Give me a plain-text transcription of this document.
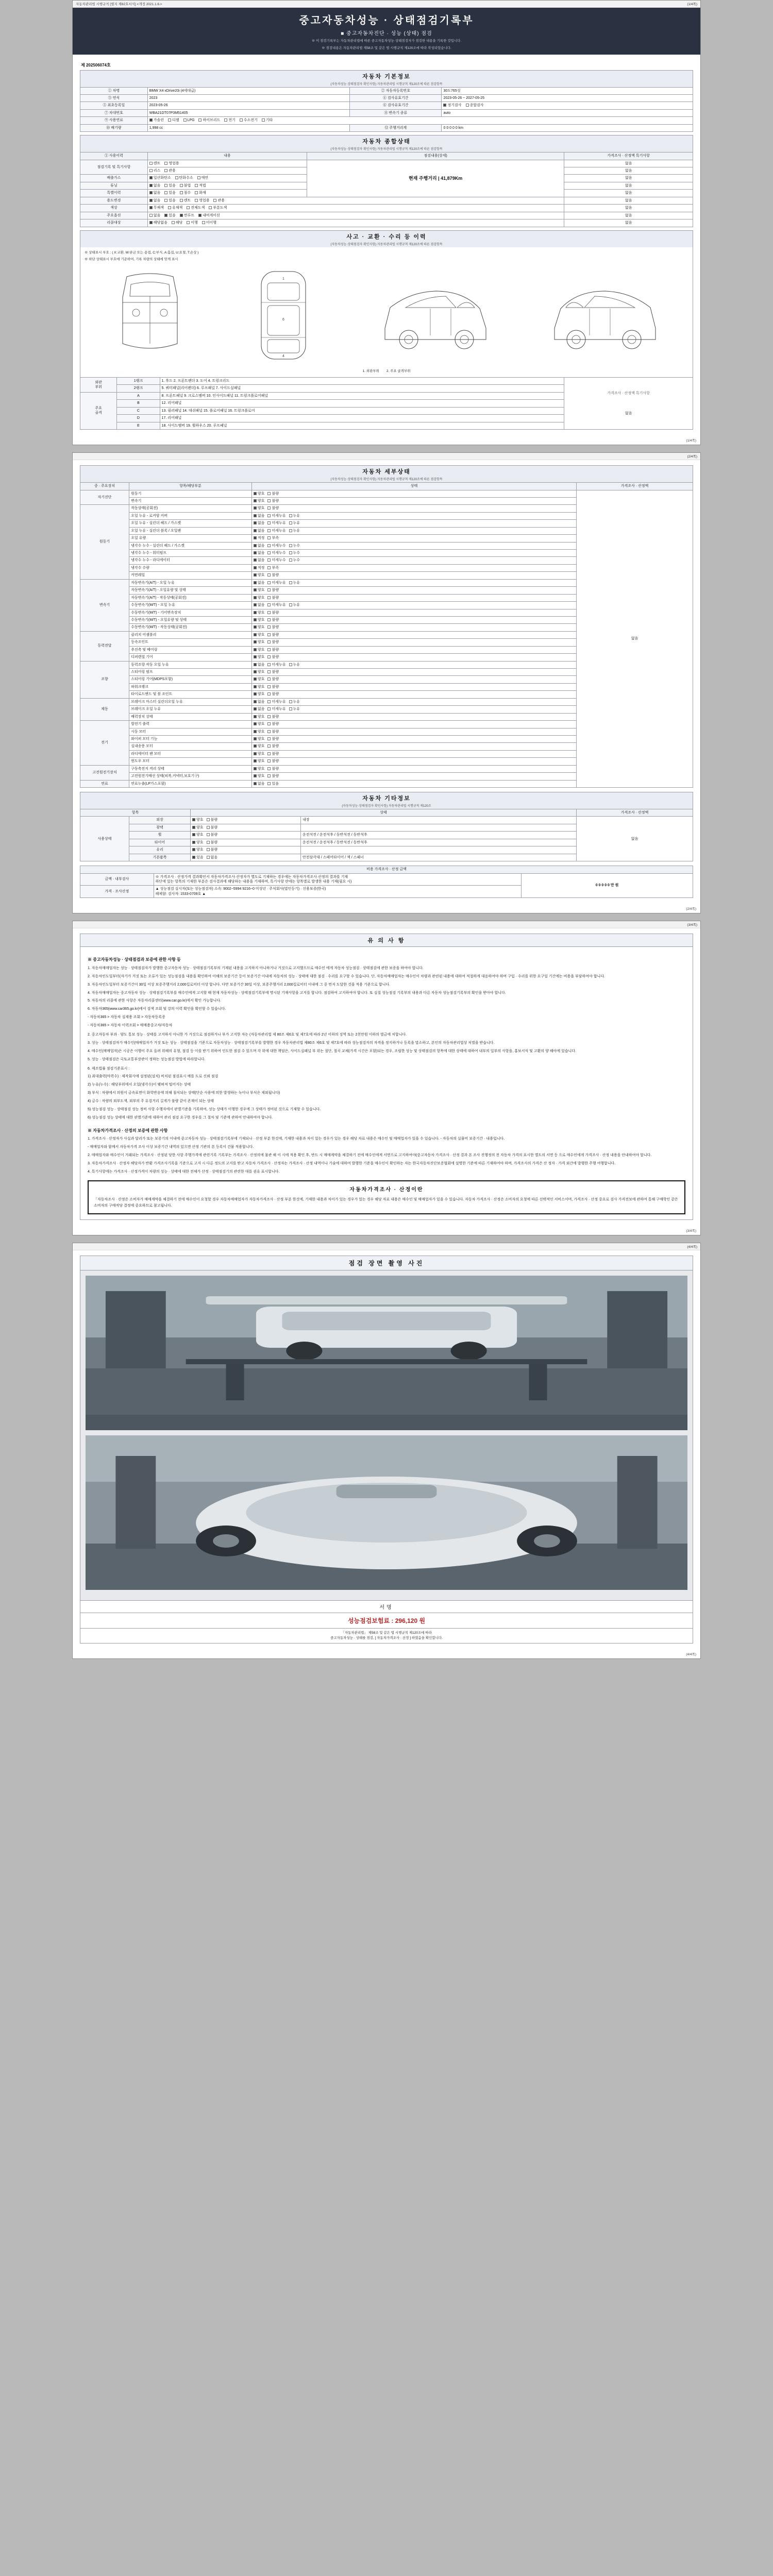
자동차관리법 시행규칙 [별지 제82호서식] <개정 2021.1.6.>	(1/4쪽)
중고자동차성능 · 상태점검기록부
■ 중고자동차진단 · 성능 (상태) 점검
※ 이 점검기록부는 자동차관리법에 따른 중고자동차성능·상태점검자가 점검한 내용을 기록한 것입니다.
※ 점검내용은 자동차관리법 제58조 및 같은 법 시행규칙 제120조에 따라 작성되었습니다.
제 202506074호
자동차 기본정보
(자동차성능·상태점검자 확인사항) 자동차관리법 시행규칙 제120조에 따른 점검항목
① 차명	BMW X4 xDrive20i (4세대급)	② 자동차등록번호	30도765성
③ 연식	2023	④ 검사유효기간	2023-05-26 ~ 2027-05-25
⑤ 최초등록일	2023-05-26	⑥ 검사유효기간	정기검사 종합검사
⑦ 차대번호	WBA21DT07P3M51405	⑧ 변속기 종류	auto
⑨ 사용연료	가솔린 디젤 LPG 하이브리드 전기 수소전기 기타		
⑩ 배기량	1,998 cc	⑫ 주행거리계	0 0 0 0 0 km
자동차 종합상태
(자동차성능·상태점검자 확인사항) 자동차관리법 시행규칙 제120조에 따른 점검항목
① 사용이력	내용	점검내용(상세)	가격조사 · 산정액 특기사항
점검기록 및 특기사항	렌트 영업용	현재 주행거리 | 41,879Km	없음
	리스 관용		없음
배출가스	일산화탄소 탄화수소 매연		없음
튜닝	없음 있음 불법 적법		없음
특별이력	없음 있음 침수 화재		없음
용도변경	없음 있음 렌트 영업용 관용		없음
색상	무채색 유채색 전체도색 부분도색		없음
주요옵션	없음 있음 썬루프 내비게이션		없음
리콜대상	해당없음 해당 이행 미이행		없음
사고 · 교환 · 수리 등 이력
(자동차성능·상태점검자 확인사항) 자동차관리법 시행규칙 제120조에 따른 점검항목
※ 상태표시 부호 : ( X:교환, W:판금 또는 용접, C:부식, A:흠집, U:요철, T:손상 )
※ 하단 상태표시 부호에 기준하여, 기록 차량의 상태에 맞게 표시
1
6
4
1. 외판부위 2. 주요 골격부위
외판
부위	1랭크	1. 후드 2. 프론트펜더 3. 도어 4. 트렁크리드	
가격조사 · 산정액 특기사항
없음

	2랭크	5. 쿼터패널(리어펜더) 6. 루프패널 7. 사이드실패널	
주요
골격	A	8. 프론트패널 9. 크로스멤버 10. 인사이드패널 11. 트렁크플로어패널	
	B	12. 리어패널	
	C	13. 필러패널 14. 대쉬패널 15. 플로어패널 16. 트렁크플로어	
	D	17. 리어패널	
	E	18. 사이드멤버 19. 휠하우스 20. 루프패널	
(1/4쪽)

(2/4쪽)
자동차 세부상태
(자동차성능·상태점검자 확인사항) 자동차관리법 시행규칙 제120조에 따른 점검항목
중 · 주요장치	항목/해당부분	상태	가격조사 · 산정액
자기진단	원동기	양호 불량	없음
	변속기	양호 불량	
원동기	작동상태(공회전)	양호 불량	
	오일 누유 - 로커암 커버	없음 미세누유 누유	
	오일 누유 - 실린더 헤드 / 가스켓	없음 미세누유 누유	
	오일 누유 - 실린더 블록 / 오일팬	없음 미세누유 누유	
	오일 유량	적정 부족	
	냉각수 누수 - 실린더 헤드 / 가스켓	없음 미세누수 누수	
	냉각수 누수 - 워터펌프	없음 미세누수 누수	
	냉각수 누수 - 라디에이터	없음 미세누수 누수	
	냉각수 수량	적정 부족	
	커먼레일	양호 불량	
변속기	자동변속기(A/T) - 오일 누유	없음 미세누유 누유	
	자동변속기(A/T) - 오일유량 및 상태	양호 불량	
	자동변속기(A/T) - 작동상태(공회전)	양호 불량	
	수동변속기(M/T) - 오일 누유	없음 미세누유 누유	
	수동변속기(M/T) - 기어변속장치	양호 불량	
	수동변속기(M/T) - 오일유량 및 상태	양호 불량	
	수동변속기(M/T) - 작동상태(공회전)	양호 불량	
동력전달	클러치 어셈블리	양호 불량	
	등속조인트	양호 불량	
	추진축 및 베어링	양호 불량	
	디퍼렌셜 기어	양호 불량	
조향	동력조향 작동 오일 누유	없음 미세누유 누유	
	스티어링 펌프	양호 불량	
	스티어링 기어(MDPS포함)	양호 불량	
	파워크랭크	양호 불량	
	타이로드엔드 및 볼 조인트	양호 불량	
제동	브레이크 마스터 실린더오일 누유	없음 미세누유 누유	
	브레이크 오일 누유	없음 미세누유 누유	
	배력장치 상태	양호 불량	
전기	발전기 출력	양호 불량	
	시동 모터	양호 불량	
	와이퍼 모터 기능	양호 불량	
	실내송풍 모터	양호 불량	
	라디에이터 팬 모터	양호 불량	
	윈도우 모터	양호 불량	
고전원전기장치	구동축전지 격리 상태	양호 불량	
	고전원전기배선 상태(피복,커넥터,보호기구)	양호 불량	
연료	연료누출(LP가스포함)	없음 있음	
자동차 기타정보
(자동차성능·상태점검자 확인사항) 자동차관리법 시행규칙 제120조
항목		상태		가격조사 · 산정액
사용상태	외장	양호 불량	내장	없음
	광택	양호 불량		
	휠	양호 불량	운전석전 / 운전석후 / 동반석전 / 동반석후	
	타이어	양호 불량	운전석전 / 운전석후 / 동반석전 / 동반석후	
	유리	양호 불량		
	기본품목	있음 없음	안전삼각대 / 스페어타이어 / 잭 / 스패너	
비용 가격조사 · 산정 금액		
금액 · 내부검사	※ 가격조사 · 산정가격 결과확인서 자동차가격조사·산정자가 별도로 기재하는 경우에는 자동차가격조사·산정의 결과를 기재
하단에 있는 항목의 기재한 부분은 검사결과에 해당하는 내용을 기재하며, 특기사항 란에는 항목별로 발생한 내용 기재(필요 시)	0 0 0 0 0 만 원
가격 · 조사산정	▲ 성능점검 실시자(또는 성능점검자) 소속: 9002~5994 9216~0 미성년 · 주식회사(법인등기) · 신용보증(한국)
해제함: 검사자: 1533-0709호 ▲	
(2/4쪽)

(3/4쪽)
유 의 사 항
※ 중고자동차성능 · 상태점검과 보증에 관한 사항 등

1. 자동차매매업자는 성능 · 상태점검자가 발행한 중고자동차 성능 · 상태점검기록부의 기재된 내용을 고지하지 아니하거나 거짓으로 고지했으므로 매수인 에게 자동차 성능점검 · 상태점검에 관한 보증을 하여야 합니다.

2. 자동차인도일부터(자기가 거짓 또는 오류가 있는 성능점검을 내용을 확인하여 이해의 보증기간 등이 보증기간 이내에 자동차의 성능 · 상태에 대한 점검 · 수리를 요구할 수 있습니다. 단, 자동차매매업자는 매수인이 차량과 관련된 내용에 대하여 적절하게 대응하여야 하며 구입 · 수리를 위한 요구일 기간에는 비용을 부담하여야 합니다.

3. 자동차인도일부터 보증기간이 30일 이상 보증주행거리 2,000킬로미터 이상 합니다. 다만 보증기간 30일 이상, 보증주행거리 2,000킬로미터 이내에 그 중 먼저 도달한 것을 적용 기준으로 합니다.

4. 자동차매매업자는 중고자동차 성능 · 상태점검기록부를 매수인에게 고지할 때 현재 자동차성능 · 상태점검기록부에 명시된 기재사항을 고지를 합니다. 점검하여 고지하여야 합니다. 또 실질 성능점검 기록부의 내용과 다른 자동차 성능점검기록부의 확인을 받아야 합니다.

5. 자동차의 리콜에 관한 사항은 자동차리콜센터(www.car.go.kr)에서 확인 가능합니다.

6. 자동차365(www.car365.go.kr)에서 검색 조회 및 강의 이력 확인을 확인할 수 있습니다.

- 자동차365 > 자동차 실제용 조회 > 자동차등록증

- 자동차365 > 자동차 이력조회 > 매매용중고차/자동차

2. 중고자동차 부과 · 양도 통보 성능 · 상태를 고지하지 아니한 가 거짓으로 점검하거나 부가 고지한 자는 (자동차관리법 제 80조 제6호 및 제7호에 따라 2년 이하의 징역 또는 2천만원 이하의 벌금에 처합니다.

3. 성능 · 상태점검자가 매수인(매매업자가 거짓 또는 성능 · 상태점검을 기준으로 자동차성능 · 상태점검기록부를 발행한 경우 자동차관리법 제80조 제6호 및 제7호에 따라 성능점검자의 자격을 정지하거나 등록을 말소하고, 본인의 자동차관리법상 처벌을 받습니다.

4. 매수인(매매업자)은 시공은 이행이 주요 올려 위해의 유형, 점검 등 이를 받기 위하여 인도한 점검 수 있으며 각 위에 대한 책임은, 사이드실패널 부 위는 절단, 절곡 교체(가격 시간은 포함)되는 경우, 조립한 성능 및 상태점검의 항목에 대한 상태에 대하여 내부의 일부의 사항을, 홍보서식 및 고환의 양 해야에 있습니다.

5. 성능 · 상태점검은 국토교통부장관이 정하는 성능점검 방법에 따라합니다.

6. 제조법률 점검기준표시 :

1) 최대출력(마력수) : 제작회사에 설정된(설치) 비치된 점검표시 예를 도로 신뢰 점검

2) 누유(누수) : 해당부위에서 오일(냉각수)이 맺혀져 떨어지는 상태

3) 부식 : 차량에서 의원이 금속표면이 화학반응에 의해 침식되는 상태(단순 사용에 의한 발생하는 녹이나 부식은 제외됩니다)

4) 금수 : 차량의 외부도색, 외부의 주 유검거리 길게가 불량 같이 존재이 되는 상태

5) 성능점검 성능 · 상태점검 성능 정비 사항 수행자에서 판별기준을 기록하여, 성능 상태가 이행한 경우에 그 상태가 정비된 것으로 기재할 수 있습니다.

6) 성능점검 성능 상태에 대한 판별기준에 대하여 관리 점검 요구한 경우를 그 절차 및 기준에 관하여 안내하여야 합니다.

※ 자동차가격조사 · 산정의 보증에 관한 사항

1. 가격조사 · 산정자가 사실과 달리가 또는 보증기의 이내에 중고자동차 성능 · 상태점검기록부에 기재되나 · 산정 부분 한것에, 기재한 내용과 차이 있는 경우가 있는 경우 해당 자료 내용은 매수인 및 매매업자가 있을 수 있습니다. - 자동차의 실물비 보증기간 · 내용입니다.

- 매매업자와 함께서 자동차가격 조사 이상 보증기간 내역의 있으면 산정 기관의 본 등록이 건물 적용합니다.

2. 매매업자와 매수인이 거래되는 가격조사 · 산정된 당한 사항 주행가격에 관련기록 기록부는 가격조사 · 산정의에 물관 해 이 시에 적용 확인 후, 반드 시 매매계약을 체결하기 전에 매수인에게 서면으로 고지하여야(중고자동차 가격조사 · 산정 결과 본 조사 진행정의 전 자동차 가격의 표시한 별도의 서면 등 으로 매수인에게 가격조사 · 산정 내용을 안내하여야 합니다.

3. 자동차가격조사 · 산정자 해당자가 반환 가격조사기록을 기준으로 고지 시 다른 정도의 고지를 받고 자동차 가격조사 · 산정자는 가격조사 · 산정 내역이나 기술에 대하여 발행한 기준을 매수인이 확인하는 자는 한국자동차진단보증협회에 설명한 기준에 따른 기재하여야 하며, 가격조사의 가격은 산 정자 · 가격 외간에 발행한 주행 여행합니다.

4. 특기사항에는 가격조사 · 산정가격이 차량의 성능 · 상태에 대한 전체가 산정 · 상태점검기의 관련한 대를 권유 표시합니다.

자동차가격조사 · 산정이란
「자동차조사 · 산정은 소비자가 매매계약을 체결하기 전에 매수인이 요청할 경우 자동차매매업자가 자동차가격조사 · 산정 부분 한것에, 기재한 내용과 차이가 있는 경우가 있는 경우 해당 자료 내용은 매수인 및 매매업자가 있을 수 있습니다. 자동차 가격조사 · 산정은 소비자의 요청에 따른 선택적인 서비스이며, 가격조사 · 산정 중요로 검사 가격전보에 관하여 통해 구매학인 같은 소비자의 구매적당 결정에 중요하므로 참고됩니다.
(3/4쪽)

(4/4쪽)
점검 장면 촬영 사진
서명
성능점검보험료 : 296,120 원
「자동차관리법」 제58조 및 같은 법 시행규칙 제120조에 따라
중고자동차성능 · 상태를 점검, [ 자동차가격조사 · 산정 ] 하였음을 확인합니다.
(4/4쪽)
